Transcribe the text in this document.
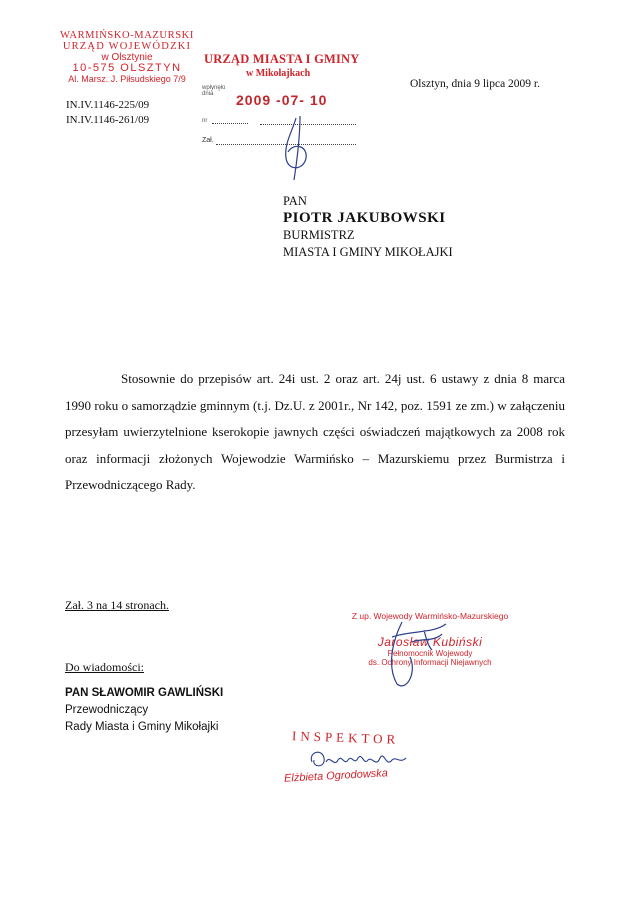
WARMIŃSKO-MAZURSKI
URZĄD WOJEWÓDZKI
w Olsztynie
10-575 OLSZTYN
Al. Marsz. J. Piłsudskiego 7/9
URZĄD MIASTA I GMINY
w Mikołajkach
wpłynęło dnia	2009 -07- 10
nr
Zał.
Olsztyn, dnia 9 lipca 2009 r.
IN.IV.1146-225/09
IN.IV.1146-261/09
PAN
PIOTR JAKUBOWSKI
BURMISTRZ
MIASTA I GMINY MIKOŁAJKI
Stosownie do przepisów art. 24i ust. 2 oraz art. 24j ust. 6 ustawy z dnia 8 marca 1990 roku o samorządzie gminnym (t.j. Dz.U. z 2001r., Nr 142, poz. 1591 ze zm.) w załączeniu przesyłam uwierzytelnione kserokopie jawnych części oświadczeń majątkowych za 2008 rok oraz informacji złożonych Wojewodzie Warmińsko – Mazurskiemu przez Burmistrza i Przewodniczącego Rady.
Zał. 3 na 14 stronach.
Z up. Wojewody Warmińsko-Mazurskiego
Jarosław Kubiński
Pełnomocnik Wojewody
ds. Ochrony Informacji Niejawnych
Do wiadomości:
PAN SŁAWOMIR GAWLIŃSKI
Przewodniczący
Rady Miasta i Gminy Mikołajki
INSPEKTOR
Elżbieta Ogrodowska
